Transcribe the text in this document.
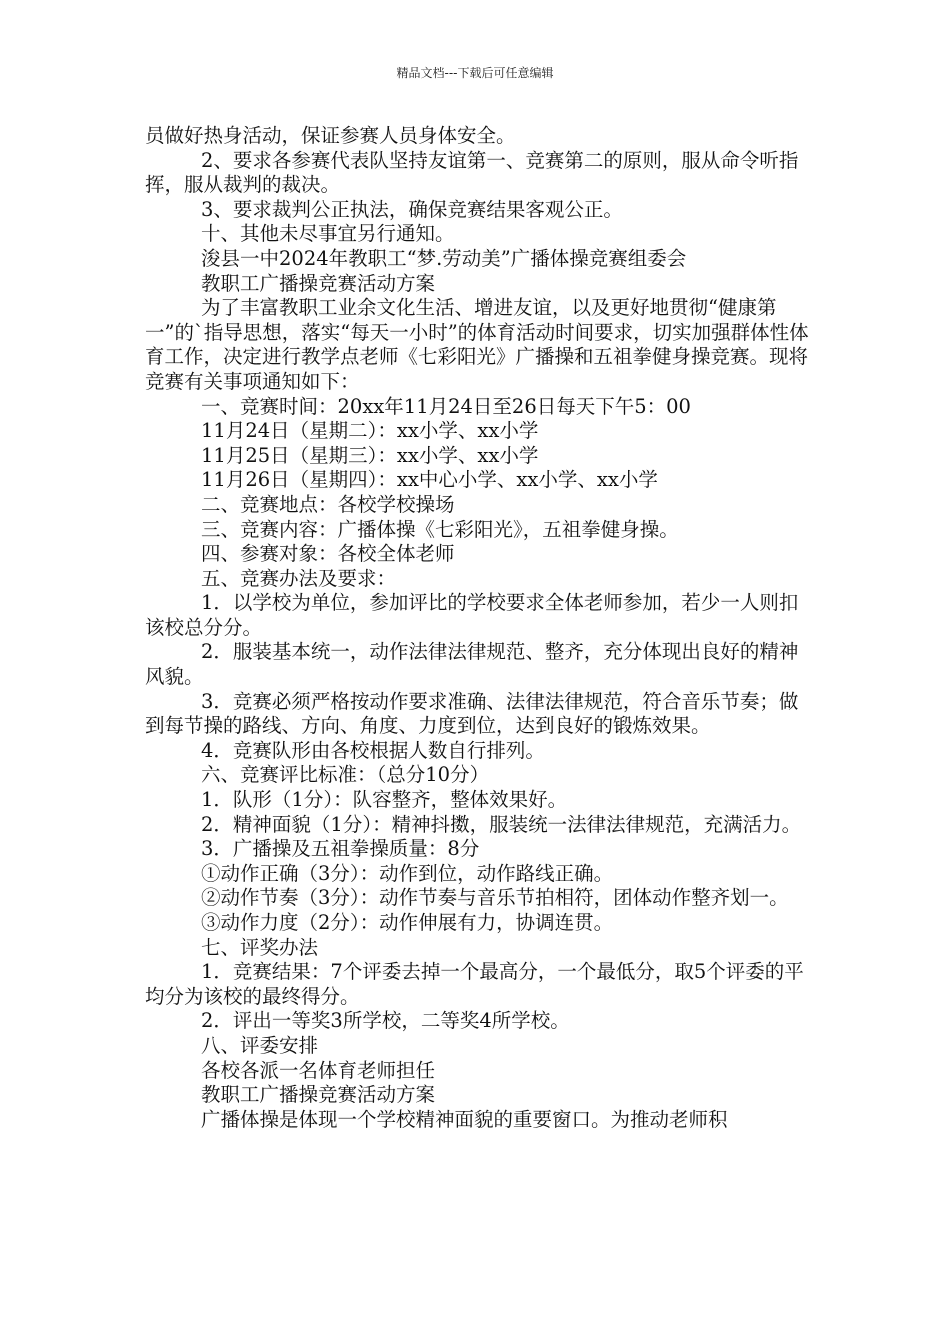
精品文档---下载后可任意编辑

员做好热身活动，保证参赛人员身体安全。

2、要求各参赛代表队坚持友谊第一、竞赛第二的原则，服从命令听指挥，服从裁判的裁决。

3、要求裁判公正执法，确保竞赛结果客观公正。

十、其他未尽事宜另行通知。

浚县一中2024年教职工“梦.劳动美”广播体操竞赛组委会

教职工广播操竞赛活动方案

为了丰富教职工业余文化生活、增进友谊，以及更好地贯彻“健康第一”的`指导思想，落实“每天一小时”的体育活动时间要求，切实加强群体性体育工作，决定进行教学点老师《七彩阳光》广播操和五祖拳健身操竞赛。现将竞赛有关事项通知如下：

一、竞赛时间：20xx年11月24日至26日每天下午5：00

11月24日（星期二）：xx小学、xx小学

11月25日（星期三）：xx小学、xx小学

11月26日（星期四）：xx中心小学、xx小学、xx小学

二、竞赛地点：各校学校操场

三、竞赛内容：广播体操《七彩阳光》，五祖拳健身操。

四、参赛对象：各校全体老师

五、竞赛办法及要求：

1．以学校为单位，参加评比的学校要求全体老师参加，若少一人则扣该校总分分。

2．服装基本统一，动作法律法律规范、整齐，充分体现出良好的精神风貌。

3．竞赛必须严格按动作要求准确、法律法律规范，符合音乐节奏；做到每节操的路线、方向、角度、力度到位，达到良好的锻炼效果。

4．竞赛队形由各校根据人数自行排列。

六、竞赛评比标准：（总分10分）

1．队形（1分）：队容整齐，整体效果好。

2．精神面貌（1分）：精神抖擞，服装统一法律法律规范，充满活力。

3．广播操及五祖拳操质量：8分

①动作正确（3分）：动作到位，动作路线正确。

②动作节奏（3分）：动作节奏与音乐节拍相符，团体动作整齐划一。

③动作力度（2分）：动作伸展有力，协调连贯。

七、评奖办法

1．竞赛结果：7个评委去掉一个最高分，一个最低分，取5个评委的平均分为该校的最终得分。

2．评出一等奖3所学校，二等奖4所学校。

八、评委安排

各校各派一名体育老师担任

教职工广播操竞赛活动方案

广播体操是体现一个学校精神面貌的重要窗口。为推动老师积
